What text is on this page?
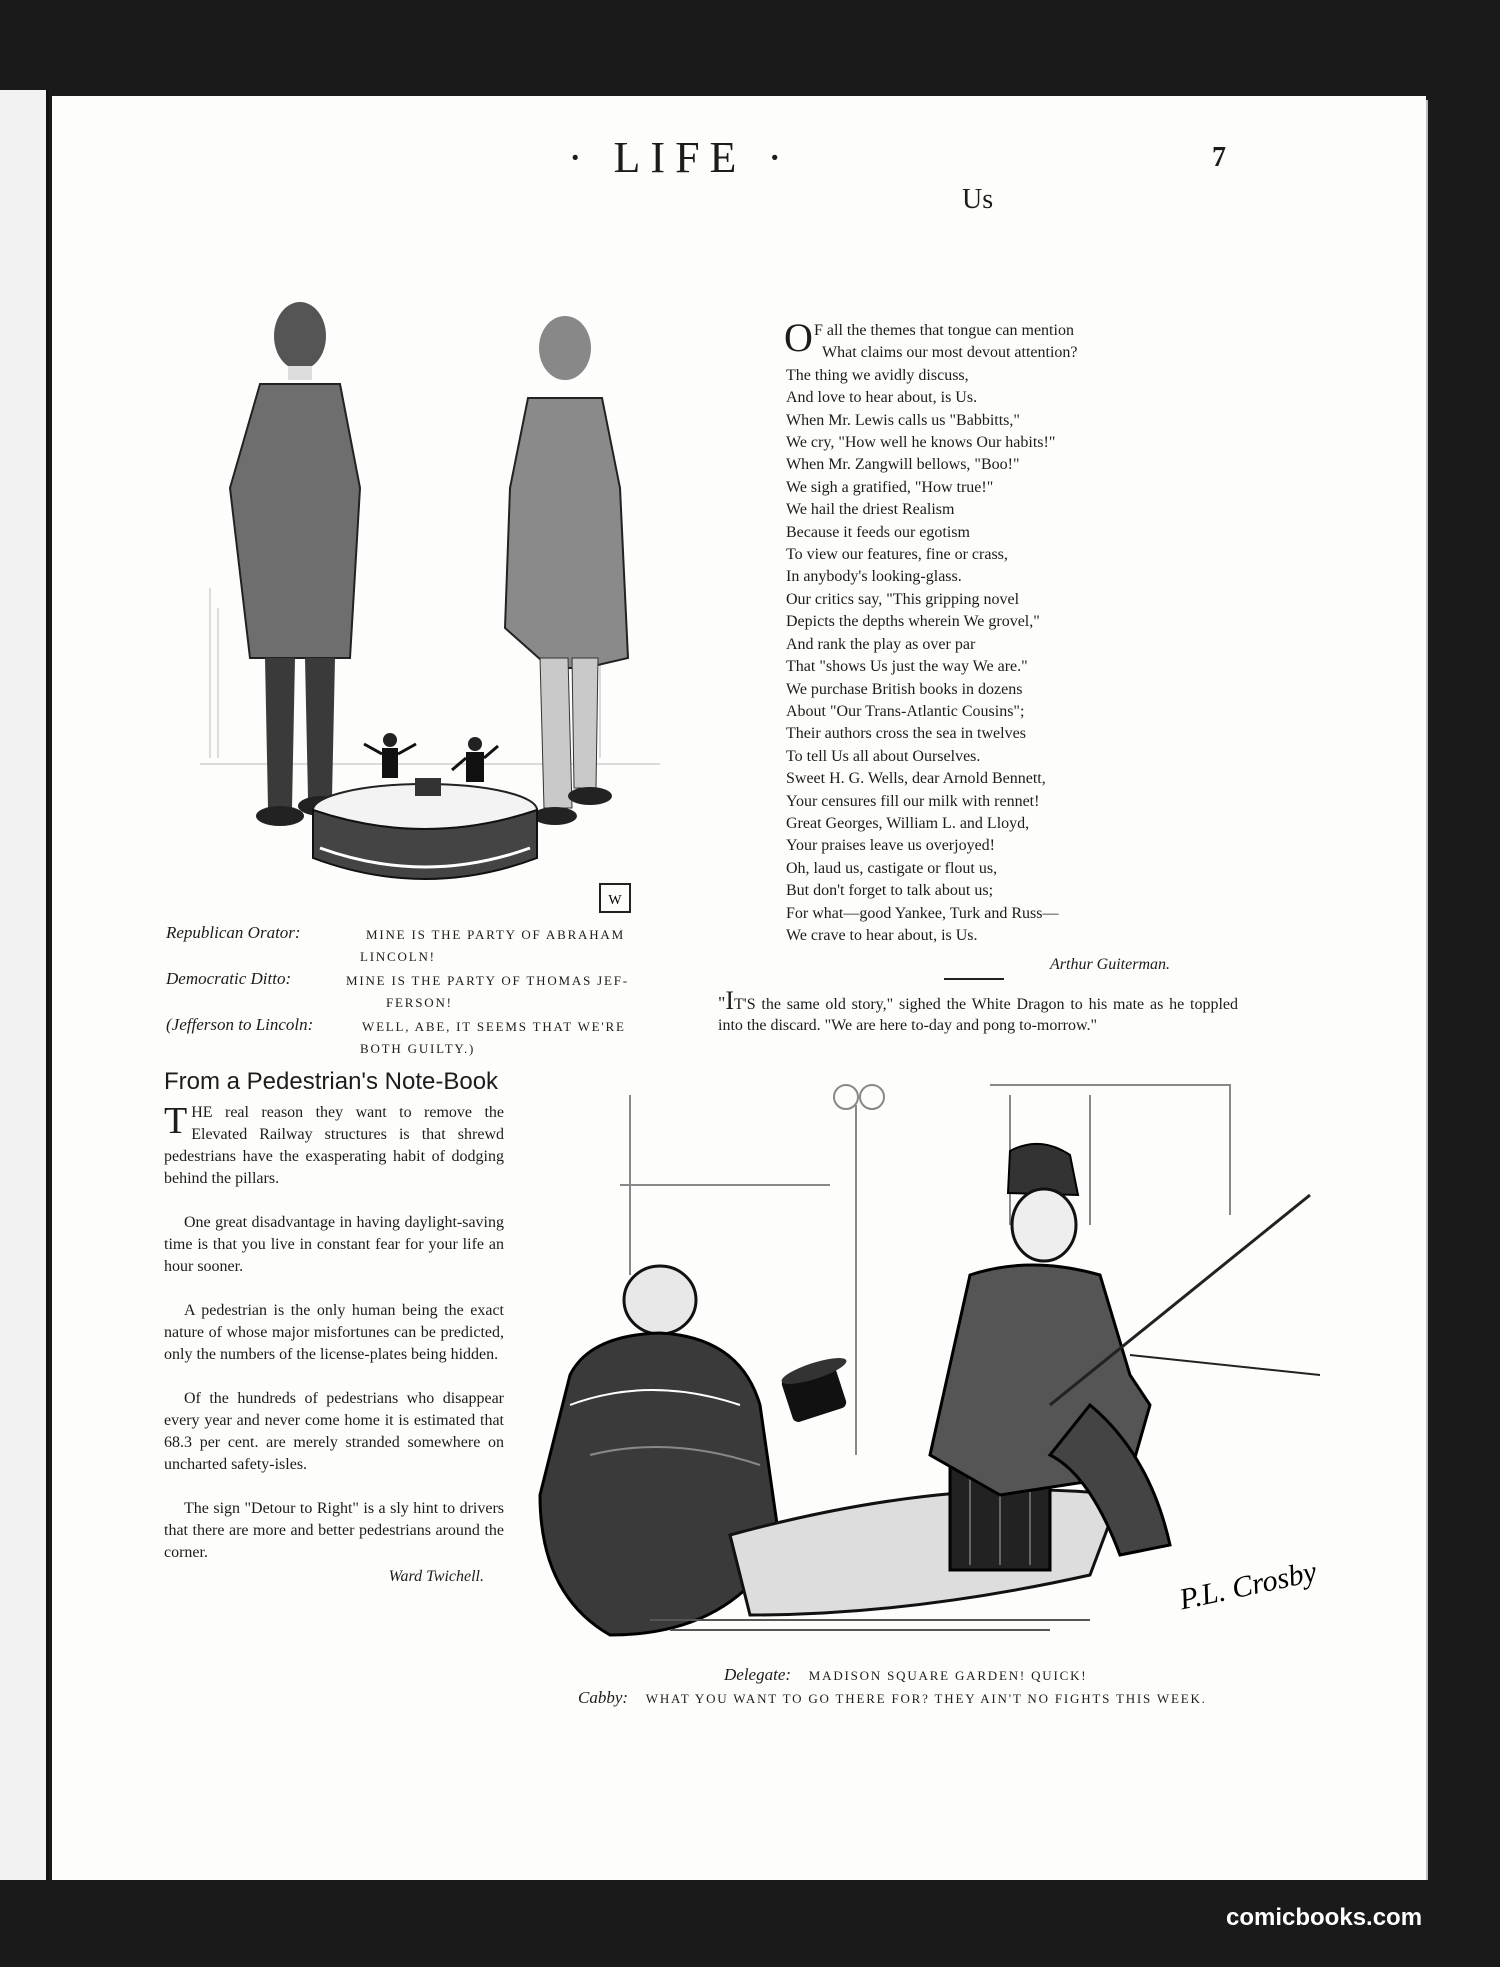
· LIFE ·	7
W
Republican Orator:	MINE IS THE PARTY OF ABRAHAM
LINCOLN!
Democratic Ditto:	MINE IS THE PARTY OF THOMAS JEF-
FERSON!
(Jefferson to Lincoln:	WELL, ABE, IT SEEMS THAT WE'RE
BOTH GUILTY.)
Us
O F all the themes that tongue can mention
What claims our most devout attention?
The thing we avidly discuss,
And love to hear about, is Us.
When Mr. Lewis calls us "Babbitts,"
We cry, "How well he knows Our habits!"
When Mr. Zangwill bellows, "Boo!"
We sigh a gratified, "How true!"
We hail the driest Realism
Because it feeds our egotism
To view our features, fine or crass,
In anybody's looking-glass.
Our critics say, "This gripping novel
Depicts the depths wherein We grovel,"
And rank the play as over par
That "shows Us just the way We are."
We purchase British books in dozens
About "Our Trans-Atlantic Cousins";
Their authors cross the sea in twelves
To tell Us all about Ourselves.
Sweet H. G. Wells, dear Arnold Bennett,
Your censures fill our milk with rennet!
Great Georges, William L. and Lloyd,
Your praises leave us overjoyed!
Oh, laud us, castigate or flout us,
But don't forget to talk about us;
For what—good Yankee, Turk and Russ—
We crave to hear about, is Us.
Arthur Guiterman.
"IT'S the same old story," sighed the White Dragon to his mate as he toppled into the discard. "We are here to-day and pong to-morrow."
From a Pedestrian's Note-Book

THE real reason they want to remove the Elevated Railway structures is that shrewd pedestrians have the exasperating habit of dodging behind the pillars.

One great disadvantage in having daylight-saving time is that you live in constant fear for your life an hour sooner.

A pedestrian is the only human being the exact nature of whose major misfortunes can be predicted, only the numbers of the license-plates being hidden.

Of the hundreds of pedestrians who disappear every year and never come home it is estimated that 68.3 per cent. are merely stranded somewhere on uncharted safety-isles.

The sign "Detour to Right" is a sly hint to drivers that there are more and better pedestrians around the corner.

Ward Twichell.	P.L. Crosby
Delegate: MADISON SQUARE GARDEN! QUICK!
Cabby: WHAT YOU WANT TO GO THERE FOR? THEY AIN'T NO FIGHTS THIS WEEK.
comicbooks.com
